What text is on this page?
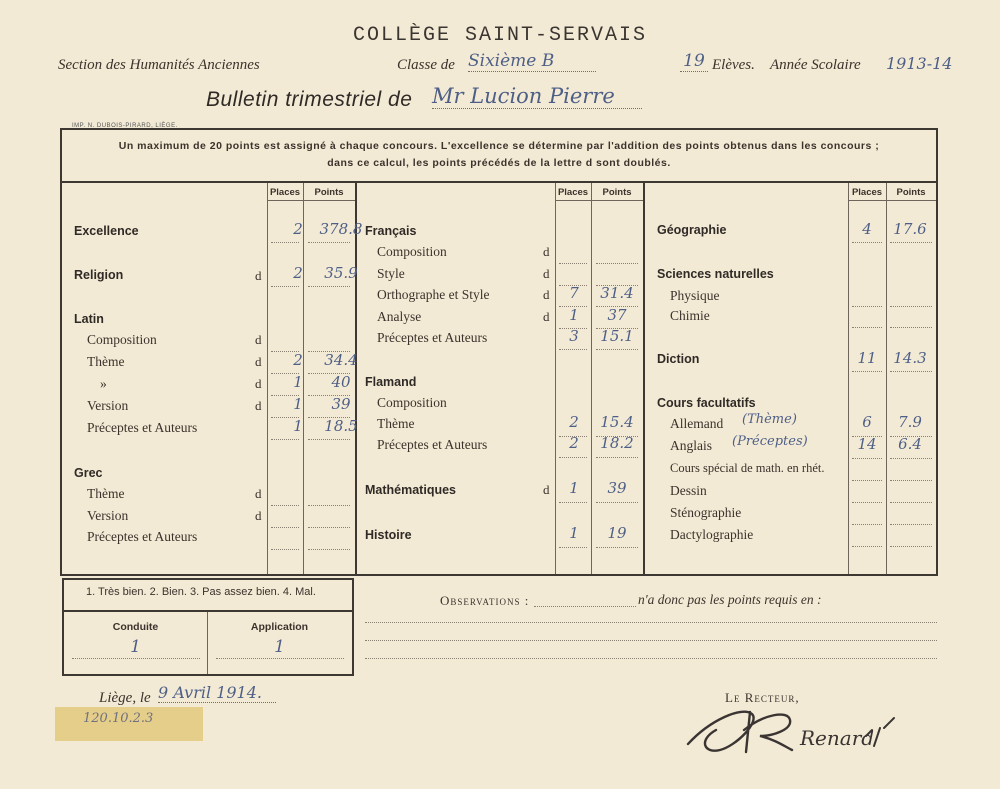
COLLÈGE SAINT-SERVAIS
Section des Humanités Anciennes	Classe de Sixième B	19 Elèves. Année Scolaire 1913-14
Bulletin trimestriel de Mr Lucion Pierre
IMP. N. DUBOIS-PIRARD, LIÈGE.
Un maximum de 20 points est assigné à chaque concours. L'excellence se détermine par l'addition des points obtenus dans les concours ;
dans ce calcul, les points précédés de la lettre d sont doublés.
Places	Points	Places	Points	Places	Points
Excellence	2	378.8
Religion	d	2	35.9
Latin
Composition	d
Thème	d	2	34.4
»	d	1	40
Version	d	1	39
Préceptes et Auteurs	1	18.5
Grec
Thème	d
Version	d
Préceptes et Auteurs
Français
Composition	d
Style	d
Orthographe et Style	d	7	31.4
Analyse	d	1	37
Préceptes et Auteurs	3	15.1
Flamand
Composition
Thème	2	15.4
Préceptes et Auteurs	2	18.2
Mathématiques	d	1	39
Histoire	1	19
Géographie	4	17.6
Sciences naturelles
Physique
Chimie
Diction	11	14.3
Cours facultatifs
Allemand (Thème)	6	7.9
Anglais (Préceptes)	14	6.4
Cours spécial de math. en rhét.
Dessin
Sténographie
Dactylographie
1. Très bien. 2. Bien. 3. Pas assez bien. 4. Mal.
Conduite	Application
1	1
Observations :	n'a donc pas les points requis en :
Liège, le 9 Avril 1914.
120.10.2.3
Le Recteur,
Renard
